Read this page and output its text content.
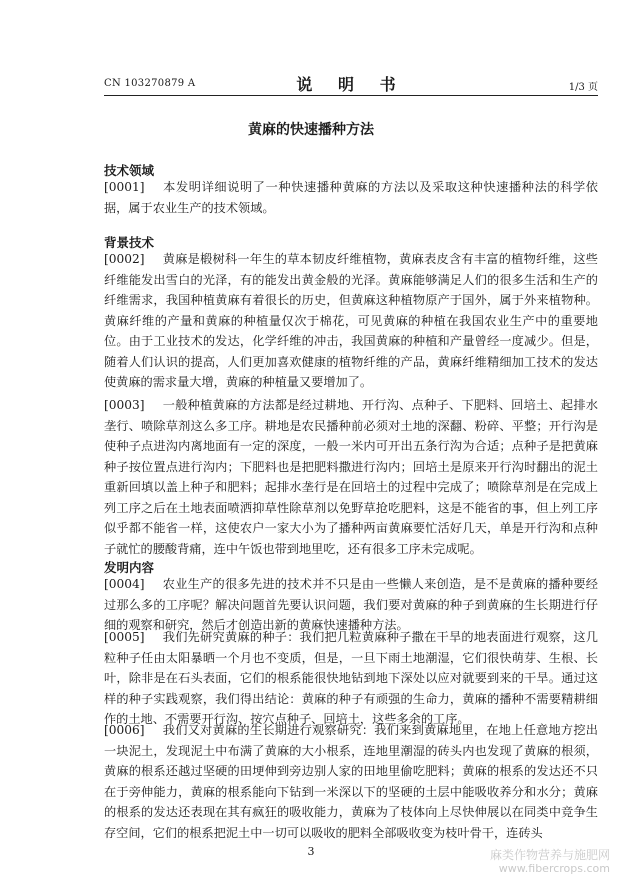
CN 103270879 A	说 明 书	1/3 页
黄麻的快速播种方法
技术领域

[0001] 本发明详细说明了一种快速播种黄麻的方法以及采取这种快速播种法的科学依据，属于农业生产的技术领域。

背景技术

[0002] 黄麻是椴树科一年生的草本韧皮纤维植物，黄麻表皮含有丰富的植物纤维，这些纤维能发出雪白的光泽，有的能发出黄金般的光泽。黄麻能够满足人们的很多生活和生产的纤维需求，我国种植黄麻有着很长的历史，但黄麻这种植物原产于国外，属于外来植物种。黄麻纤维的产量和黄麻的种植量仅次于棉花，可见黄麻的种植在我国农业生产中的重要地位。由于工业技术的发达，化学纤维的冲击，我国黄麻的种植和产量曾经一度减少。但是，随着人们认识的提高，人们更加喜欢健康的植物纤维的产品，黄麻纤维精细加工技术的发达使黄麻的需求量大增，黄麻的种植量又要增加了。

[0003] 一般种植黄麻的方法都是经过耕地、开行沟、点种子、下肥料、回培土、起排水垄行、喷除草剂这么多工序。耕地是农民播种前必须对土地的深翻、粉碎、平整；开行沟是使种子点进沟内离地面有一定的深度，一般一米内可开出五条行沟为合适；点种子是把黄麻种子按位置点进行沟内；下肥料也是把肥料撒进行沟内；回培土是原来开行沟时翻出的泥土重新回填以盖上种子和肥料；起排水垄行是在回培土的过程中完成了；喷除草剂是在完成上列工序之后在土地表面喷洒抑草性除草剂以免野草抢吃肥料，这是不能省的事，但上列工序似乎都不能省一样，这使农户一家大小为了播种两亩黄麻要忙活好几天，单是开行沟和点种子就忙的腰酸背痛，连中午饭也带到地里吃，还有很多工序未完成呢。

发明内容

[0004] 农业生产的很多先进的技术并不只是由一些懒人来创造，是不是黄麻的播种要经过那么多的工序呢？解决问题首先要认识问题，我们要对黄麻的种子到黄麻的生长期进行仔细的观察和研究，然后才创造出新的黄麻快速播种方法。

[0005] 我们先研究黄麻的种子：我们把几粒黄麻种子撒在干旱的地表面进行观察，这几粒种子任由太阳暴晒一个月也不变质，但是，一旦下雨土地潮湿，它们很快萌芽、生根、长叶，除非是在石头表面，它们的根系能很快地钻到地下深处以应对就要到来的干旱。通过这样的种子实践观察，我们得出结论：黄麻的种子有顽强的生命力，黄麻的播种不需要精耕细作的土地、不需要开行沟、按穴点种子、回培土，这些多余的工序。

[0006] 我们又对黄麻的生长期进行观察研究：我们来到黄麻地里，在地上任意地方挖出一块泥土，发现泥土中布满了黄麻的大小根系，连地里潮湿的砖头内也发现了黄麻的根须，黄麻的根系还越过坚硬的田埂伸到旁边别人家的田地里偷吃肥料；黄麻的根系的发达还不只在于旁伸能力，黄麻的根系能向下钻到一米深以下的坚硬的土层中能吸收养分和水分；黄麻的根系的发达还表现在其有疯狂的吸收能力，黄麻为了枝体向上尽快伸展以在同类中竞争生存空间，它们的根系把泥土中一切可以吸收的肥料全部吸收变为枝叶骨干，连砖头

3	麻类作物营养与施肥网
www.fibercrops.com
